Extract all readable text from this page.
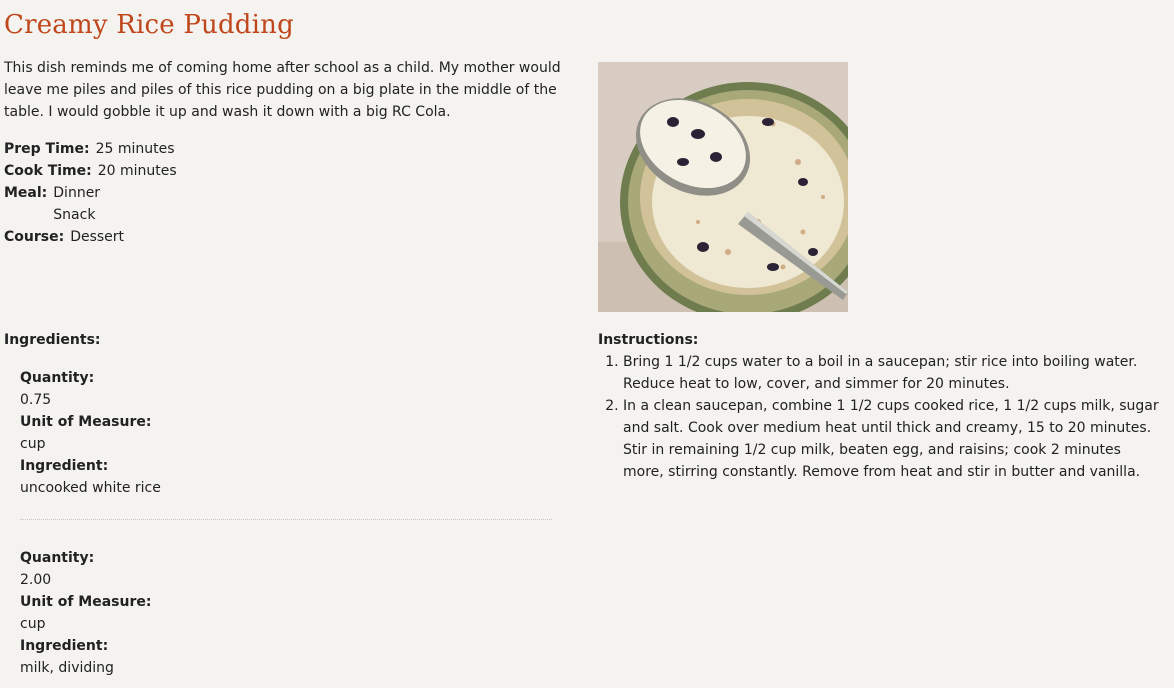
Creamy Rice Pudding

This dish reminds me of coming home after school as a child. My mother would leave me piles and piles of this rice pudding on a big plate in the middle of the table. I would gobble it up and wash it down with a big RC Cola.

Prep Time: 25 minutes
Cook Time: 20 minutes
Meal: Dinner
Snack
Course: Dessert
Ingredients:
Quantity:
0.75
Unit of Measure:
cup
Ingredient:
uncooked white rice
Quantity:
2.00
Unit of Measure:
cup
Ingredient:
milk, dividing
Instructions:
1. Bring 1 1/2 cups water to a boil in a saucepan; stir rice into boiling water. Reduce heat to low, cover, and simmer for 20 minutes.
2. In a clean saucepan, combine 1 1/2 cups cooked rice, 1 1/2 cups milk, sugar and salt. Cook over medium heat until thick and creamy, 15 to 20 minutes. Stir in remaining 1/2 cup milk, beaten egg, and raisins; cook 2 minutes more, stirring constantly. Remove from heat and stir in butter and vanilla.
